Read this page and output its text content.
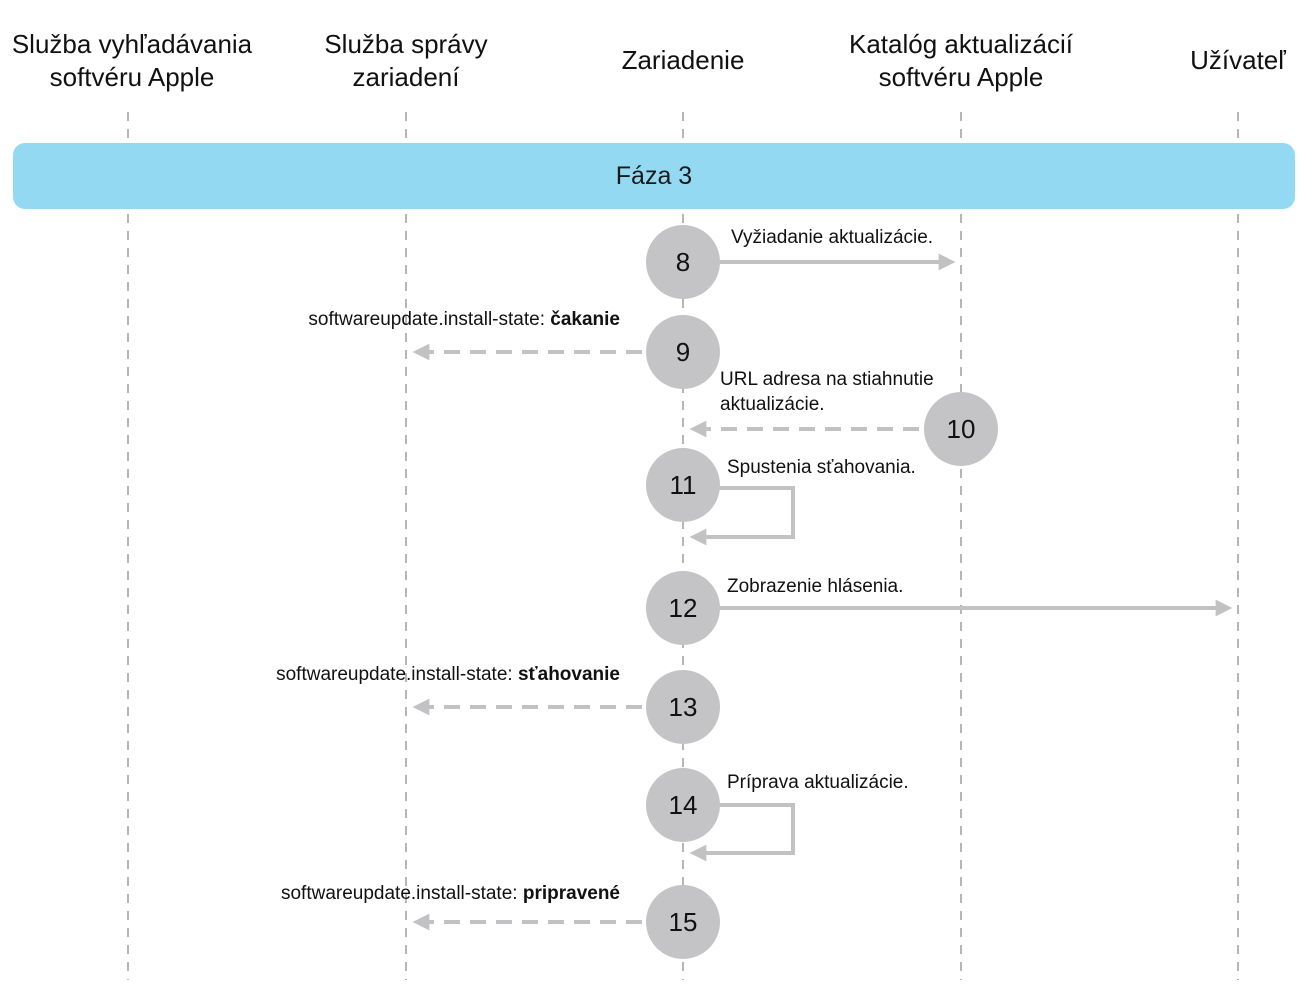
Služba vyhľadávania
softvéru Apple
Služba správy
zariadení
Zariadenie
Katalóg aktualizácií
softvéru Apple
Užívateľ
Fáza 3
8
9
10
11
12
13
14
15
Vyžiadanie aktualizácie.
softwareupdate.install-state: čakanie
URL adresa na stiahnutie
aktualizácie.
Spustenia sťahovania.
Zobrazenie hlásenia.
softwareupdate.install-state: sťahovanie
Príprava aktualizácie.
softwareupdate.install-state: pripravené
